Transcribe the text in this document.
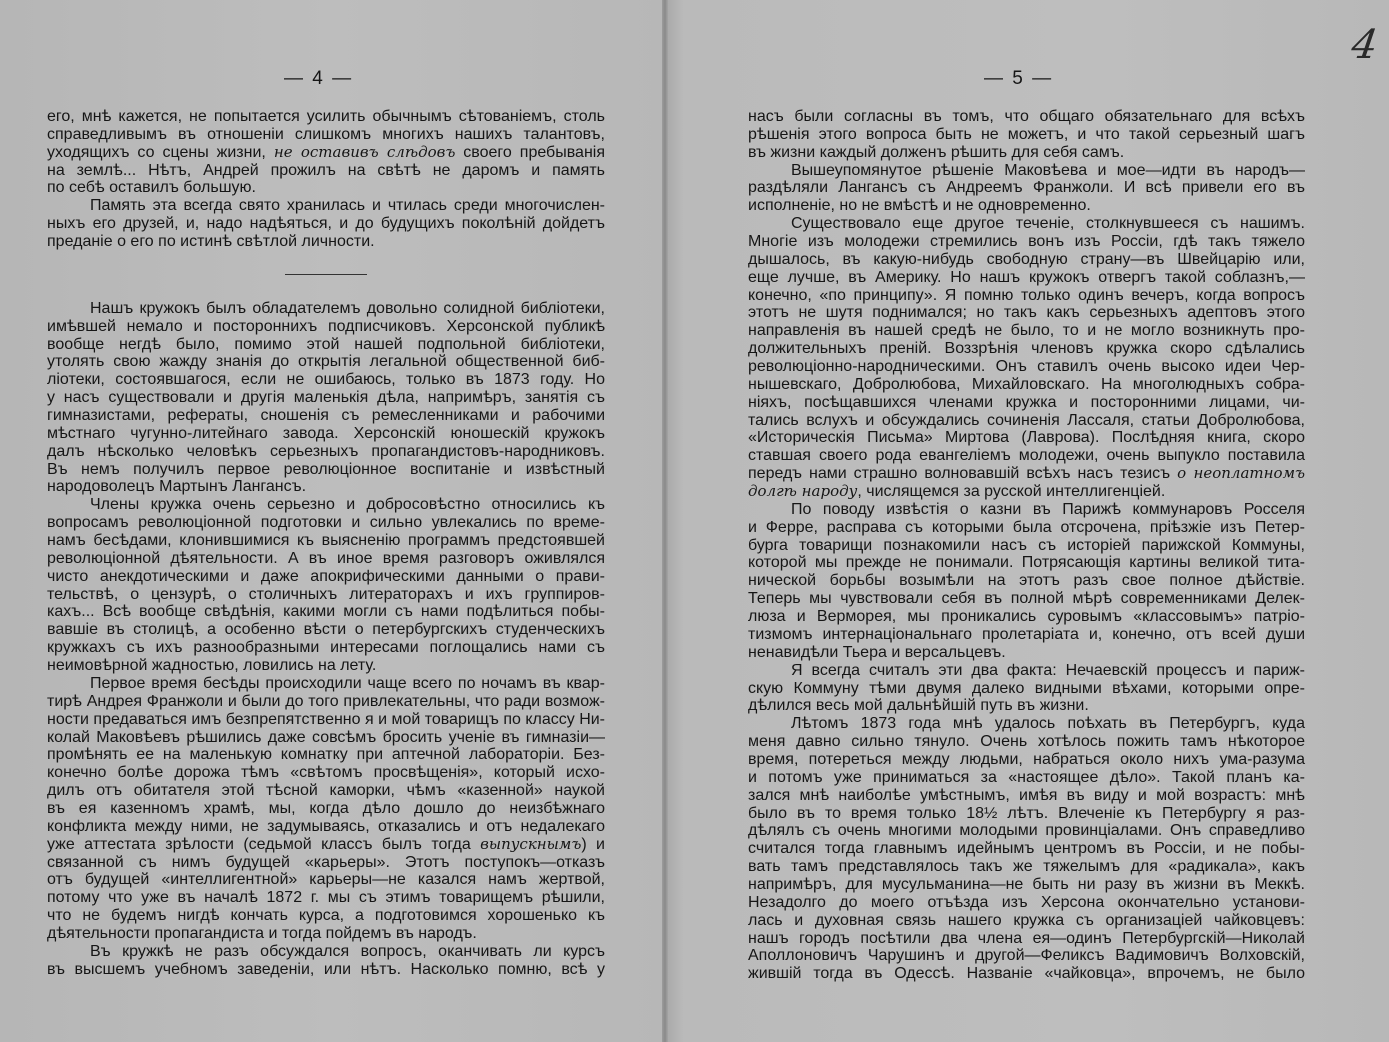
— 4 —
его, мнѣ кажется, не попытается усилить обычнымъ сѣтованіемъ, столь
справедливымъ въ отношеніи слишкомъ многихъ нашихъ талантовъ,
уходящихъ со сцены жизни, не оставивъ слѣдовъ своего пребыванія
на землѣ... Нѣтъ, Андрей прожилъ на свѣтѣ не даромъ и память
по себѣ оставилъ большую.
Память эта всегда свято хранилась и чтилась среди многочислен-
ныхъ его друзей, и, надо надѣяться, и до будущихъ поколѣній дойдетъ
преданіе о его по истинѣ свѣтлой личности.
Нашъ кружокъ былъ обладателемъ довольно солидной библіотеки,
имѣвшей немало и постороннихъ подписчиковъ. Херсонской публикѣ
вообще негдѣ было, помимо этой нашей подпольной библіотеки,
утолять свою жажду знанія до открытія легальной общественной биб-
ліотеки, состоявшагося, если не ошибаюсь, только въ 1873 году. Но
у насъ существовали и другія маленькія дѣла, напримѣръ, занятія съ
гимназистами, рефераты, сношенія съ ремесленниками и рабочими
мѣстнаго чугунно-литейнаго завода. Херсонскій юношескій кружокъ
далъ нѣсколько человѣкъ серьезныхъ пропагандистовъ-народниковъ.
Въ немъ получилъ первое революціонное воспитаніе и извѣстный
народоволецъ Мартынъ Лангансъ.
Члены кружка очень серьезно и добросовѣстно относились къ
вопросамъ революціонной подготовки и сильно увлекались по време-
намъ бесѣдами, клонившимися къ выясненію программъ предстоявшей
революціонной дѣятельности. А въ иное время разговоръ оживлялся
чисто анекдотическими и даже апокрифическими данными о прави-
тельствѣ, о цензурѣ, о столичныхъ литераторахъ и ихъ группиров-
кахъ... Всѣ вообще свѣдѣнія, какими могли съ нами подѣлиться побы-
вавшіе въ столицѣ, а особенно вѣсти о петербургскихъ студенческихъ
кружкахъ съ ихъ разнообразными интересами поглощались нами съ
неимовѣрной жадностью, ловились на лету.
Первое время бесѣды происходили чаще всего по ночамъ въ квар-
тирѣ Андрея Франжоли и были до того привлекательны, что ради возмож-
ности предаваться имъ безпрепятственно я и мой товарищъ по классу Ни-
колай Маковѣевъ рѣшились даже совсѣмъ бросить ученіе въ гимназіи—
промѣнять ее на маленькую комнатку при аптечной лабораторіи. Без-
конечно болѣе дорожа тѣмъ «свѣтомъ просвѣщенія», который исхо-
дилъ отъ обитателя этой тѣсной каморки, чѣмъ «казенной» наукой
въ ея казенномъ храмѣ, мы, когда дѣло дошло до неизбѣжнаго
конфликта между ними, не задумываясь, отказались и отъ недалекаго
уже аттестата зрѣлости (седьмой классъ былъ тогда выпускнымъ) и
связанной съ нимъ будущей «карьеры». Этотъ поступокъ—отказъ
отъ будущей «интеллигентной» карьеры—не казался намъ жертвой,
потому что уже въ началѣ 1872 г. мы съ этимъ товарищемъ рѣшили,
что не будемъ нигдѣ кончать курса, а подготовимся хорошенько къ
дѣятельности пропагандиста и тогда пойдемъ въ народъ.
Въ кружкѣ не разъ обсуждался вопросъ, оканчивать ли курсъ
въ высшемъ учебномъ заведеніи, или нѣтъ. Насколько помню, всѣ у
— 5 —
насъ были согласны въ томъ, что общаго обязательнаго для всѣхъ
рѣшенія этого вопроса быть не можетъ, и что такой серьезный шагъ
въ жизни каждый долженъ рѣшить для себя самъ.
Вышеупомянутое рѣшеніе Маковѣева и мое—идти въ народъ—
раздѣляли Лангансъ съ Андреемъ Франжоли. И всѣ привели его въ
исполненіе, но не вмѣстѣ и не одновременно.
Существовало еще другое теченіе, столкнувшееся съ нашимъ.
Многіе изъ молодежи стремились вонъ изъ Россіи, гдѣ такъ тяжело
дышалось, въ какую-нибудь свободную страну—въ Швейцарію или,
еще лучше, въ Америку. Но нашъ кружокъ отвергъ такой соблазнъ,—
конечно, «по принципу». Я помню только одинъ вечеръ, когда вопросъ
этотъ не шутя поднимался; но такъ какъ серьезныхъ адептовъ этого
направленія въ нашей средѣ не было, то и не могло возникнуть про-
должительныхъ преній. Воззрѣнія членовъ кружка скоро сдѣлались
революціонно-народническими. Онъ ставилъ очень высоко идеи Чер-
нышевскаго, Добролюбова, Михайловскаго. На многолюдныхъ собра-
ніяхъ, посѣщавшихся членами кружка и посторонними лицами, чи-
тались вслухъ и обсуждались сочиненія Лассаля, статьи Добролюбова,
«Историческія Письма» Миртова (Лаврова). Послѣдняя книга, скоро
ставшая своего рода евангеліемъ молодежи, очень выпукло поставила
передъ нами страшно волновавшій всѣхъ насъ тезисъ о неоплатномъ
долгѣ народу, числящемся за русской интеллигенціей.
По поводу извѣстія о казни въ Парижѣ коммунаровъ Росселя
и Ферре, расправа съ которыми была отсрочена, пріѣзжіе изъ Петер-
бурга товарищи познакомили насъ съ исторіей парижской Коммуны,
которой мы прежде не понимали. Потрясающія картины великой тита-
нической борьбы возымѣли на этотъ разъ свое полное дѣйствіе.
Теперь мы чувствовали себя въ полной мѣрѣ современниками Делек-
люза и Верморея, мы проникались суровымъ «классовымъ» патріо-
тизмомъ интернаціональнаго пролетаріата и, конечно, отъ всей души
ненавидѣли Тьера и версальцевъ.
Я всегда считалъ эти два факта: Нечаевскій процессъ и париж-
скую Коммуну тѣми двумя далеко видными вѣхами, которыми опре-
дѣлился весь мой дальнѣйшій путь въ жизни.
Лѣтомъ 1873 года мнѣ удалось поѣхать въ Петербургъ, куда
меня давно сильно тянуло. Очень хотѣлось пожить тамъ нѣкоторое
время, потереться между людьми, набраться около нихъ ума-разума
и потомъ уже приниматься за «настоящее дѣло». Такой планъ ка-
зался мнѣ наиболѣе умѣстнымъ, имѣя въ виду и мой возрастъ: мнѣ
было въ то время только 18½ лѣтъ. Влеченіе къ Петербургу я раз-
дѣлялъ съ очень многими молодыми провинціалами. Онъ справедливо
считался тогда главнымъ идейнымъ центромъ въ Россіи, и не побы-
вать тамъ представлялось такъ же тяжелымъ для «радикала», какъ
напримѣръ, для мусульманина—не быть ни разу въ жизни въ Меккѣ.
Незадолго до моего отъѣзда изъ Херсона окончательно установи-
лась и духовная связь нашего кружка съ организаціей чайковцевъ:
нашъ городъ посѣтили два члена ея—одинъ Петербургскій—Николай
Аполлоновичъ Чарушинъ и другой—Феликсъ Вадимовичъ Волховскій,
жившій тогда въ Одессѣ. Названіе «чайковца», впрочемъ, не было
4
